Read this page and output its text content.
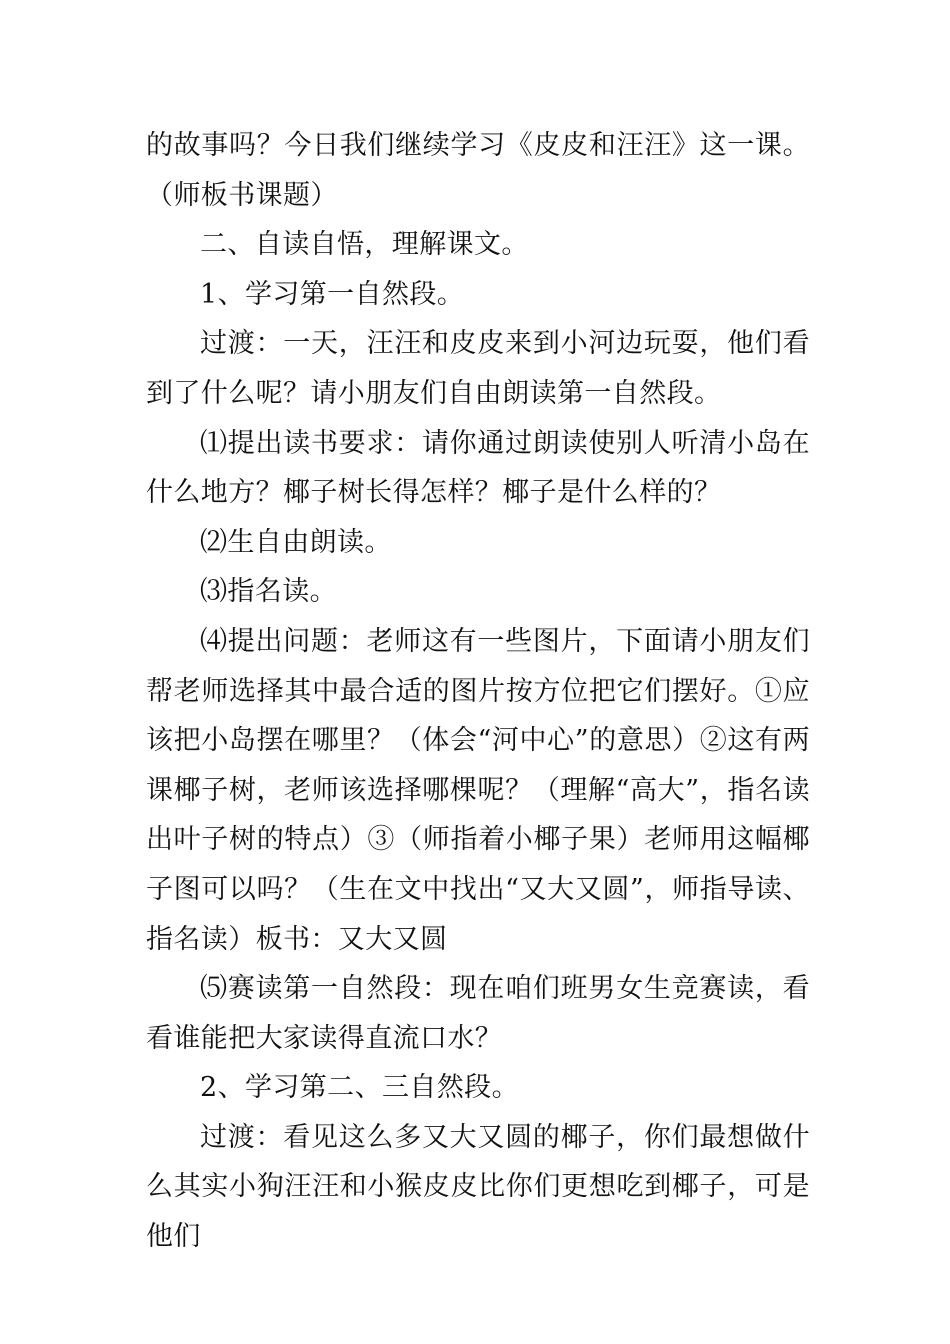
的故事吗？今日我们继续学习《皮皮和汪汪》这一课。（师板书课题）

二、自读自悟，理解课文。

1、学习第一自然段。

过渡：一天，汪汪和皮皮来到小河边玩耍，他们看到了什么呢？请小朋友们自由朗读第一自然段。

⑴提出读书要求：请你通过朗读使别人听清小岛在什么地方？椰子树长得怎样？椰子是什么样的？

⑵生自由朗读。

⑶指名读。

⑷提出问题：老师这有一些图片，下面请小朋友们帮老师选择其中最合适的图片按方位把它们摆好。①应该把小岛摆在哪里？（体会“河中心”的意思）②这有两课椰子树，老师该选择哪棵呢？（理解“高大”，指名读出叶子树的特点）③（师指着小椰子果）老师用这幅椰子图可以吗？（生在文中找出“又大又圆”，师指导读、指名读）板书：又大又圆

⑸赛读第一自然段：现在咱们班男女生竞赛读，看看谁能把大家读得直流口水？

2、学习第二、三自然段。

过渡：看见这么多又大又圆的椰子，你们最想做什么其实小狗汪汪和小猴皮皮比你们更想吃到椰子，可是他们
